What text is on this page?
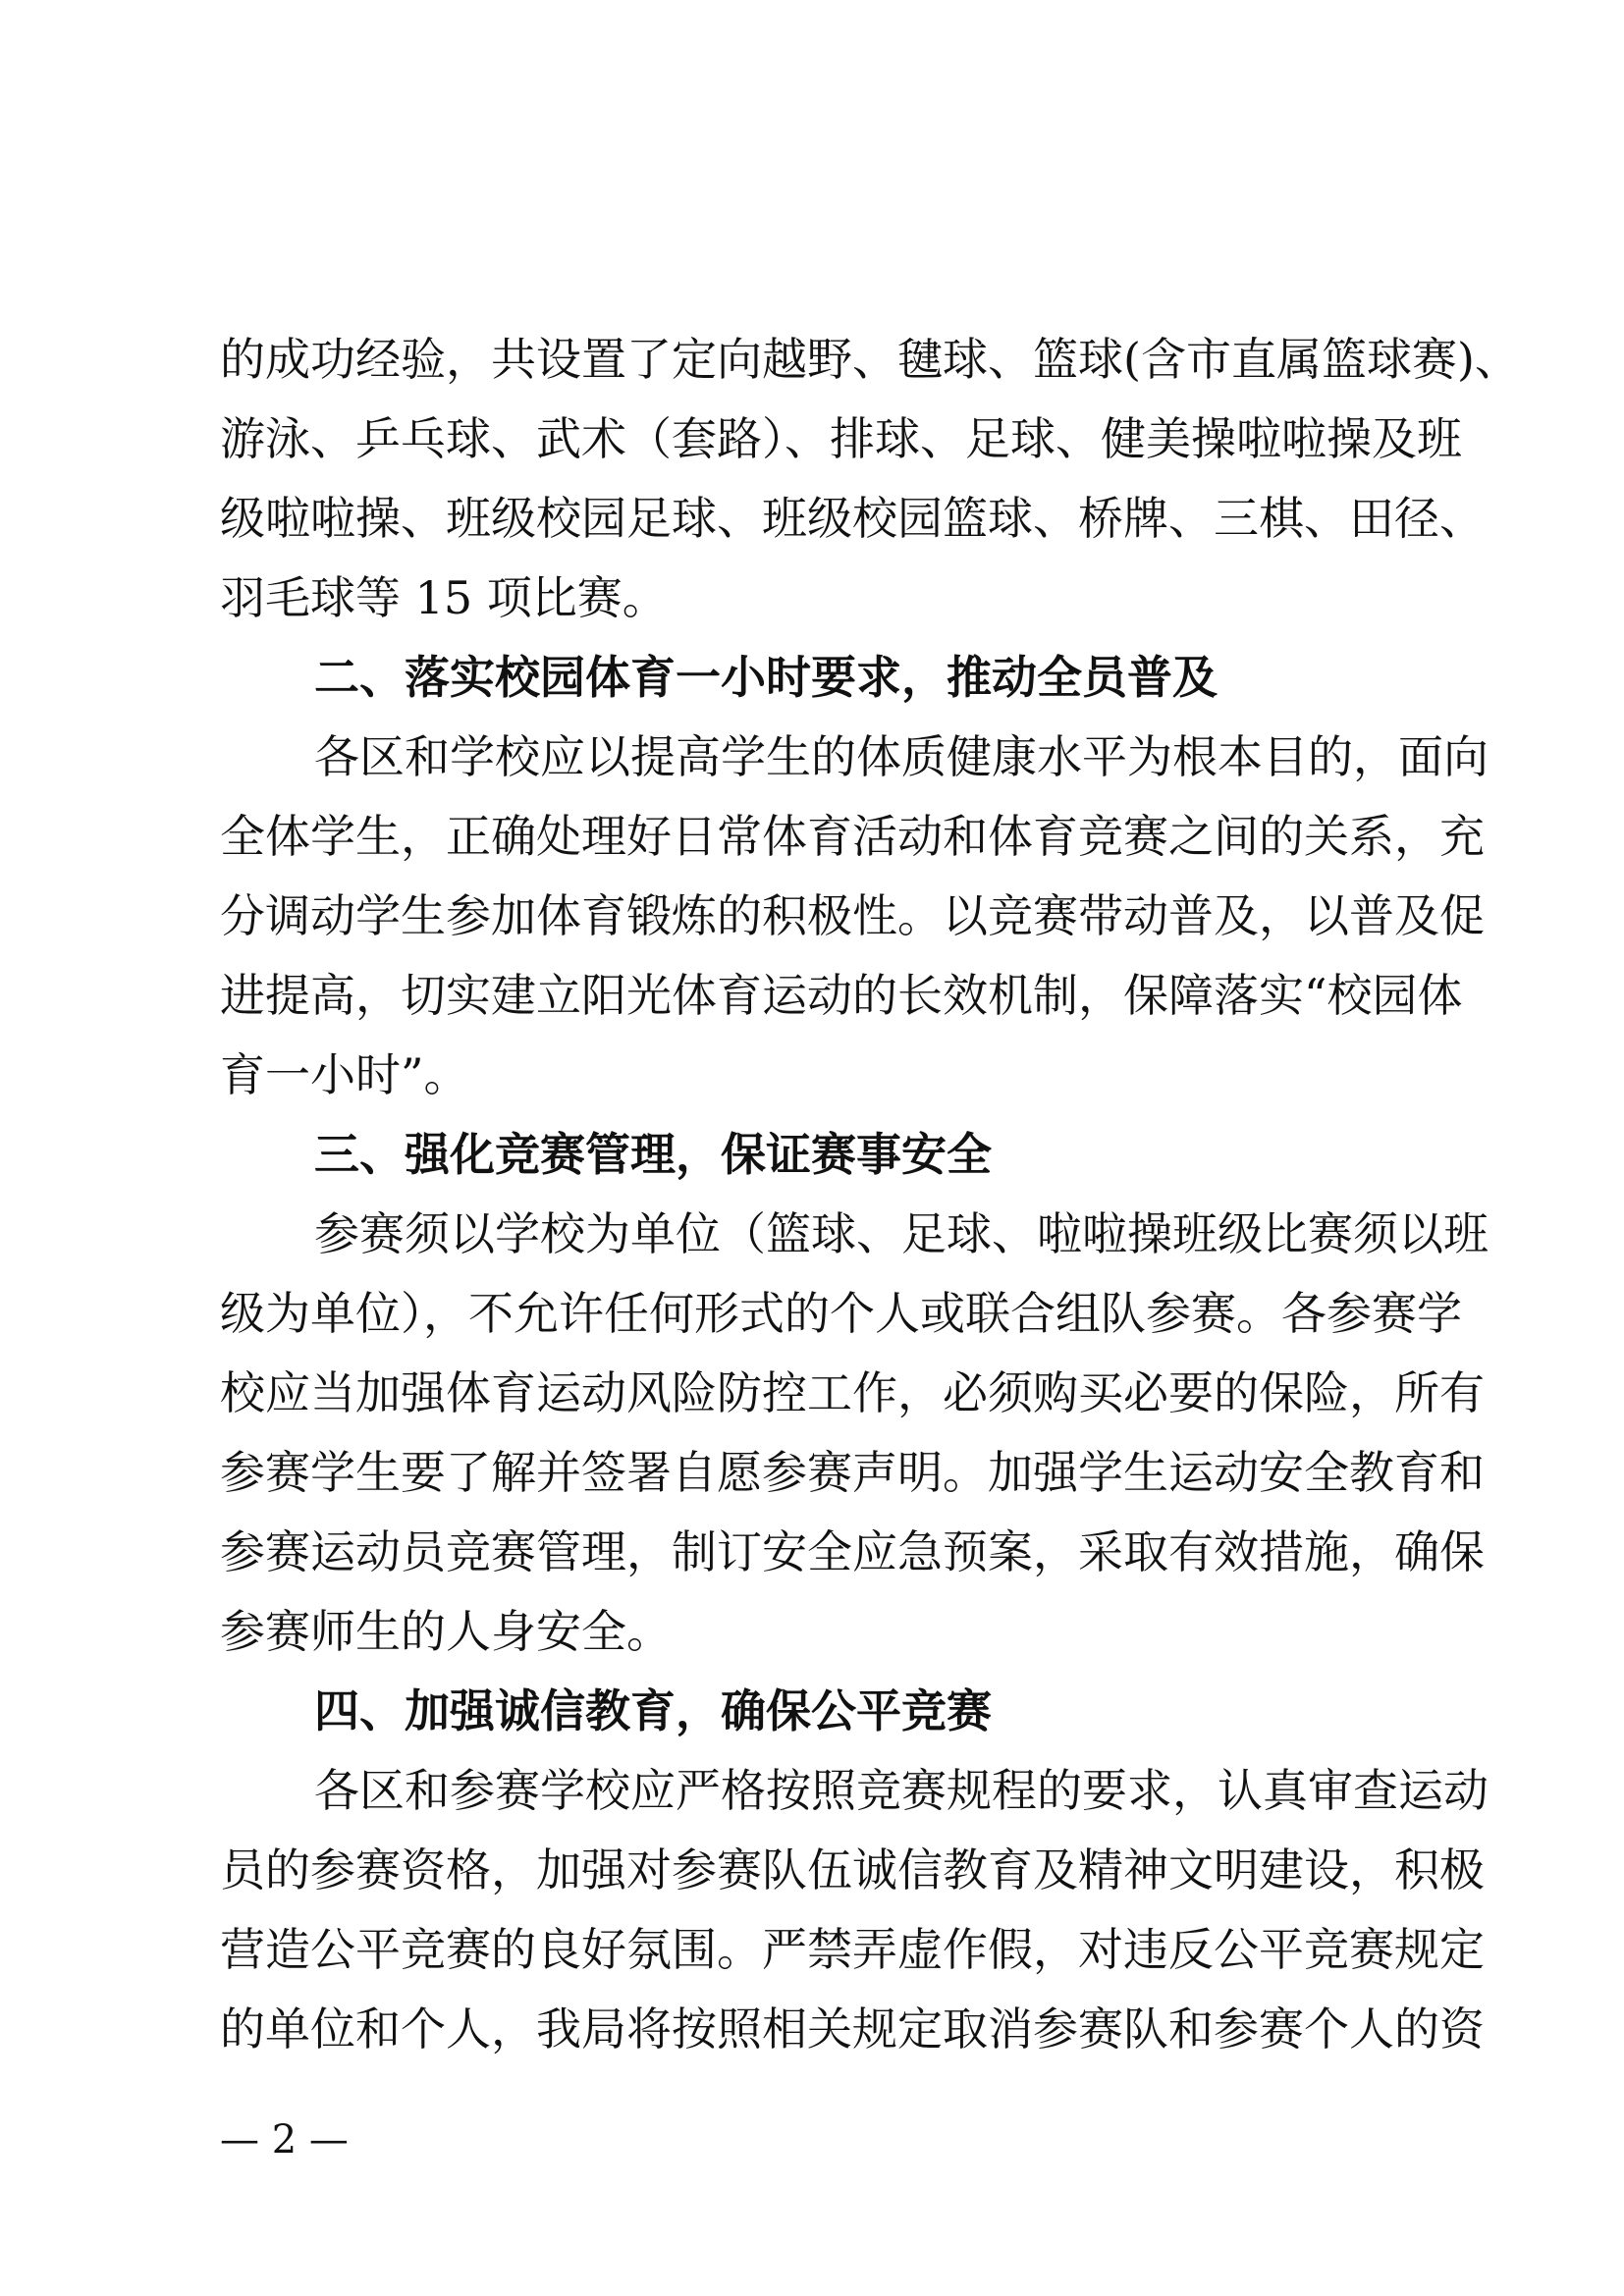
的成功经验，共设置了定向越野、毽球、篮球(含市直属篮球赛)、

游泳、乒乓球、武术（套路）、排球、足球、健美操啦啦操及班

级啦啦操、班级校园足球、班级校园篮球、桥牌、三棋、田径、

羽毛球等 15 项比赛。

二、落实校园体育一小时要求，推动全员普及

各区和学校应以提高学生的体质健康水平为根本目的，面向

全体学生，正确处理好日常体育活动和体育竞赛之间的关系，充

分调动学生参加体育锻炼的积极性。以竞赛带动普及，以普及促

进提高，切实建立阳光体育运动的长效机制，保障落实“校园体

育一小时”。

三、强化竞赛管理，保证赛事安全

参赛须以学校为单位（篮球、足球、啦啦操班级比赛须以班

级为单位），不允许任何形式的个人或联合组队参赛。各参赛学

校应当加强体育运动风险防控工作，必须购买必要的保险，所有

参赛学生要了解并签署自愿参赛声明。加强学生运动安全教育和

参赛运动员竞赛管理，制订安全应急预案，采取有效措施，确保

参赛师生的人身安全。

四、加强诚信教育，确保公平竞赛

各区和参赛学校应严格按照竞赛规程的要求，认真审查运动

员的参赛资格，加强对参赛队伍诚信教育及精神文明建设，积极

营造公平竞赛的良好氛围。严禁弄虚作假，对违反公平竞赛规定

的单位和个人，我局将按照相关规定取消参赛队和参赛个人的资

— 2 —
